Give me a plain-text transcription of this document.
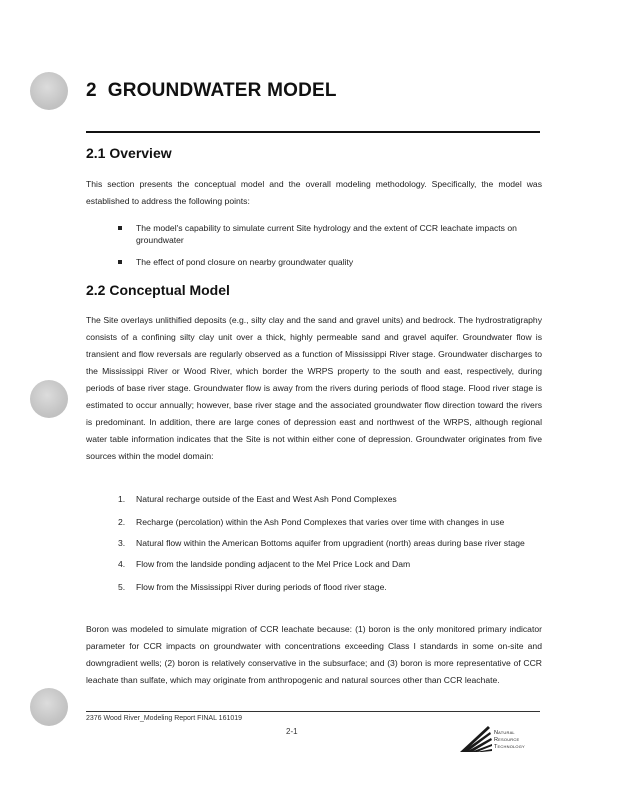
2 GROUNDWATER MODEL
2.1 Overview

This section presents the conceptual model and the overall modeling methodology. Specifically, the model was established to address the following points:

The model's capability to simulate current Site hydrology and the extent of CCR leachate impacts on groundwater
The effect of pond closure on nearby groundwater quality
2.2 Conceptual Model

The Site overlays unlithified deposits (e.g., silty clay and the sand and gravel units) and bedrock. The hydrostratigraphy consists of a confining silty clay unit over a thick, highly permeable sand and gravel aquifer. Groundwater flow is transient and flow reversals are regularly observed as a function of Mississippi River stage. Groundwater discharges to the Mississippi River or Wood River, which border the WRPS property to the south and east, respectively, during periods of base river stage. Groundwater flow is away from the rivers during periods of flood stage. Flood river stage is estimated to occur annually; however, base river stage and the associated groundwater flow direction toward the rivers is predominant. In addition, there are large cones of depression east and northwest of the WRPS, although regional water table information indicates that the Site is not within either cone of depression. Groundwater originates from five sources within the model domain:

1. Natural recharge outside of the East and West Ash Pond Complexes
2. Recharge (percolation) within the Ash Pond Complexes that varies over time with changes in use
3. Natural flow within the American Bottoms aquifer from upgradient (north) areas during base river stage
4. Flow from the landside ponding adjacent to the Mel Price Lock and Dam
5. Flow from the Mississippi River during periods of flood river stage.

Boron was modeled to simulate migration of CCR leachate because: (1) boron is the only monitored primary indicator parameter for CCR impacts on groundwater with concentrations exceeding Class I standards in some on-site and downgradient wells; (2) boron is relatively conservative in the subsurface; and (3) boron is more representative of CCR leachate than sulfate, which may originate from anthropogenic and natural sources other than CCR leachate.

2376 Wood River_Modeling Report FINAL 161019
2-1	Natural
Resource
Technology
